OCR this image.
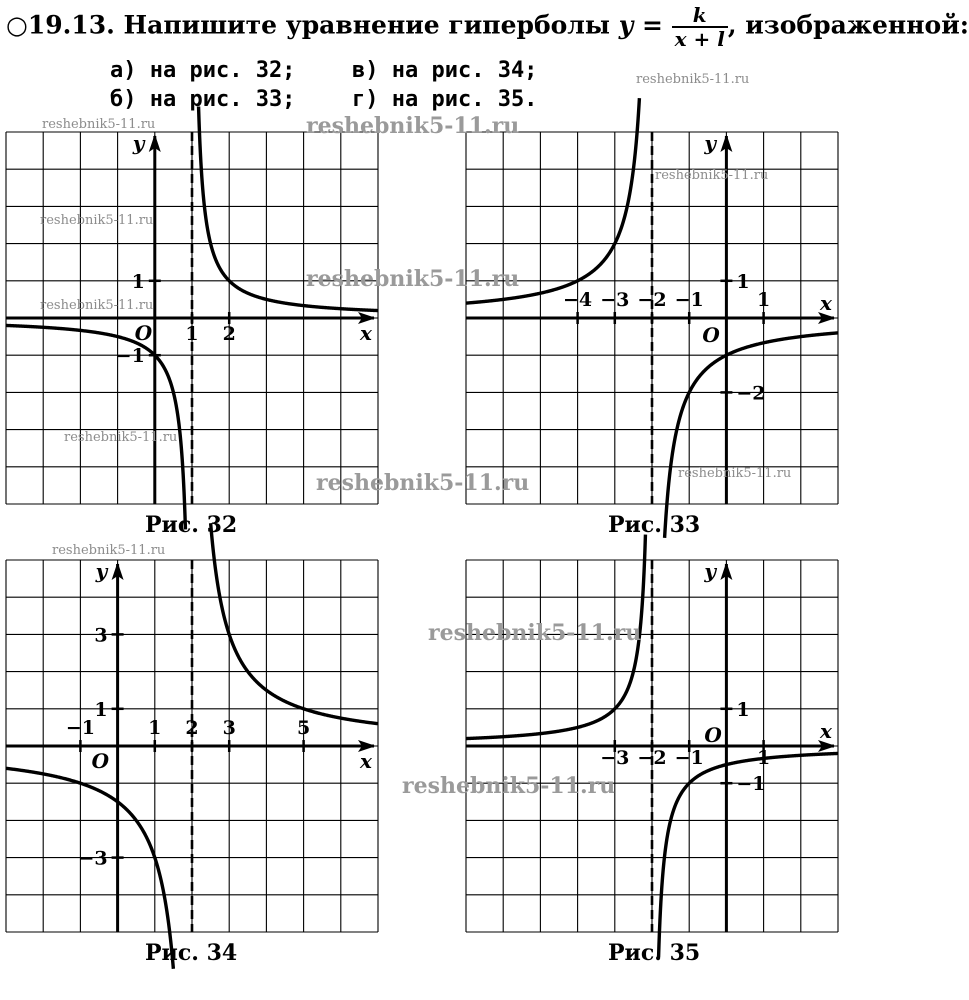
○19.13. Напишите уравнение гиперболы $y = \frac{k}{x + l}$ , изображенной:
а) на рис. 32;	в) на рис. 34;
б) на рис. 33;	г) на рис. 35.
x
y
O 1 2
1
−1
x
y
O
−4 −3 −2 −1	1
1
−2
x
y
O
−1	1 2 3	5
3
1
−3
x
y
O
−3 −2 −1	1
1
−1
Рис. 32	Рис. 33
Рис. 34	Рис. 35
reshebnik5-11.ru
reshebnik5-11.ru	reshebnik5-11.ru
reshebnik5-11.ru
reshebnik5-11.ru
reshebnik5-11.ru
reshebnik5-11.ru
reshebnik5-11.ru
reshebnik5-11.ru
reshebnik5-11.ru
reshebnik5-11.ru
reshebnik5-11.ru
reshebnik5-11.ru
